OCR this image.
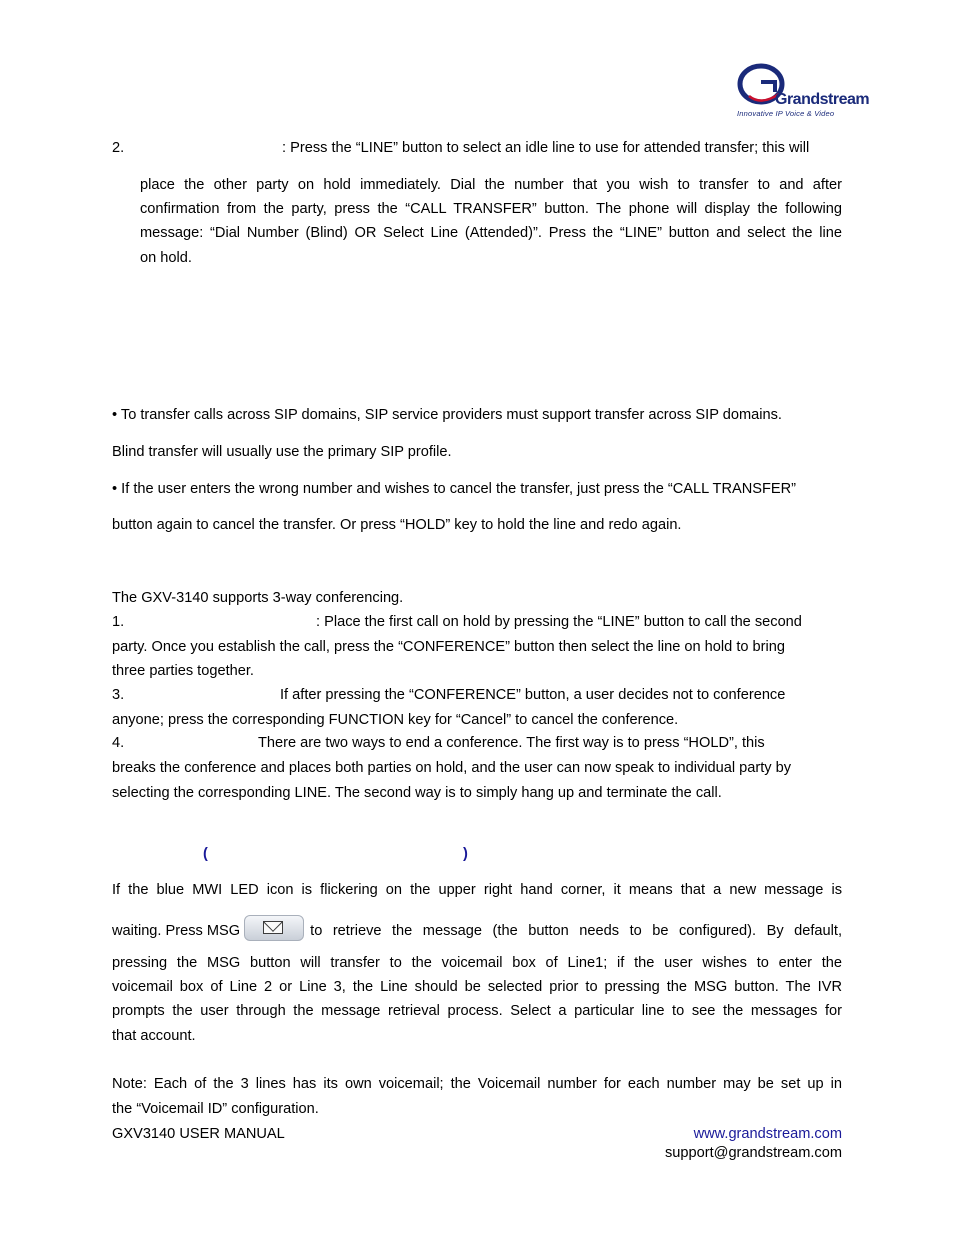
Grandstream
Innovative IP Voice & Video
2.	: Press the “LINE” button to select an idle line to use for attended transfer; this will
place the other party on hold immediately. Dial the number that you wish to transfer to and after
confirmation from the party, press the “CALL TRANSFER” button. The phone will display the following
message: “Dial Number (Blind) OR Select Line (Attended)”. Press the “LINE” button and select the line
on hold.
• To transfer calls across SIP domains, SIP service providers must support transfer across SIP domains.
Blind transfer will usually use the primary SIP profile.
• If the user enters the wrong number and wishes to cancel the transfer, just press the “CALL TRANSFER”
button again to cancel the transfer. Or press “HOLD” key to hold the line and redo again.
The GXV-3140 supports 3-way conferencing.
1.	: Place the first call on hold by pressing the “LINE” button to call the second
party. Once you establish the call, press the “CONFERENCE” button then select the line on hold to bring
three parties together.
3.	If after pressing the “CONFERENCE” button, a user decides not to conference
anyone; press the corresponding FUNCTION key for “Cancel” to cancel the conference.
4.	There are two ways to end a conference. The first way is to press “HOLD”, this
breaks the conference and places both parties on hold, and the user can now speak to individual party by
selecting the corresponding LINE. The second way is to simply hang up and terminate the call.
(	)
If the blue MWI LED icon is flickering on the upper right hand corner, it means that a new message is
waiting. Press MSG	to retrieve the message (the button needs to be configured). By default,
pressing the MSG button will transfer to the voicemail box of Line1; if the user wishes to enter the
voicemail box of Line 2 or Line 3, the Line should be selected prior to pressing the MSG button. The IVR
prompts the user through the message retrieval process. Select a particular line to see the messages for
that account.
Note: Each of the 3 lines has its own voicemail; the Voicemail number for each number may be set up in
the “Voicemail ID” configuration.
GXV3140 USER MANUAL	www.grandstream.com
support@grandstream.com
